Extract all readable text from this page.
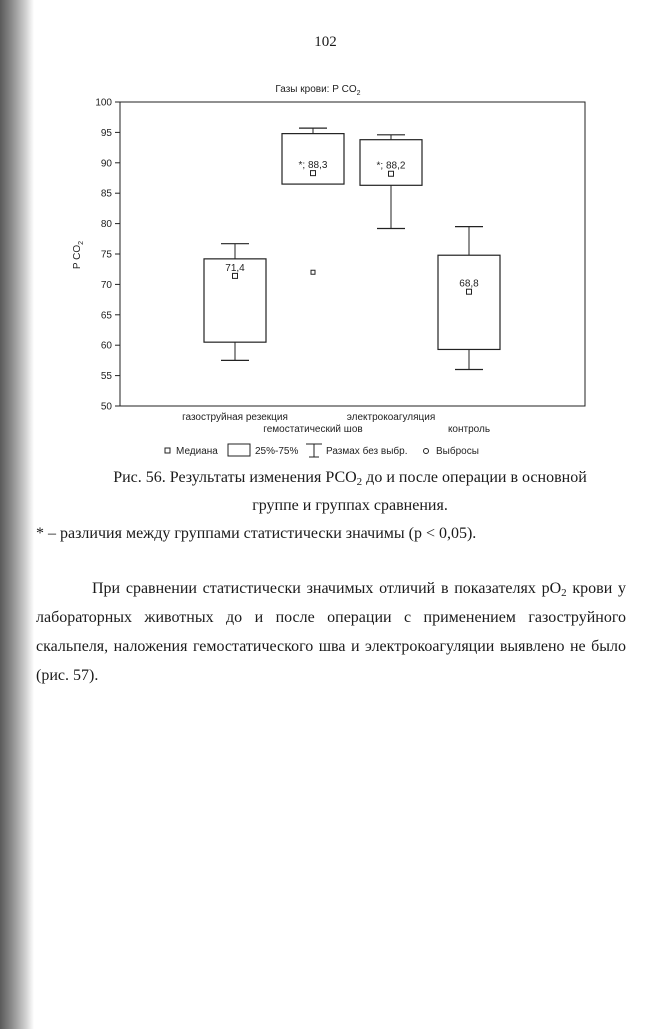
102
Газы крови: Р $CO_2$
P $CO_2$
50
55
60
65
70
75
80
85
90
95
100
71,4
*; 88,3	*; 88,2
68,8
газоструйная резекция
гемостатический шов
электрокоагуляция
контроль
Медиана	25%-75%	Размах без выбр.	Выбросы
Рис. 56. Результаты изменения $РСО_2$ до и после операции в основной
группе и группах сравнения.
* – различия между группами статистически значимы (p < 0,05).
При сравнении статистически значимых отличий в показателях $pO_2$ крови у лабораторных животных до и после операции с применением газоструйного скальпеля, наложения гемостатического шва и электрокоагуляции выявлено не было (рис. 57).
